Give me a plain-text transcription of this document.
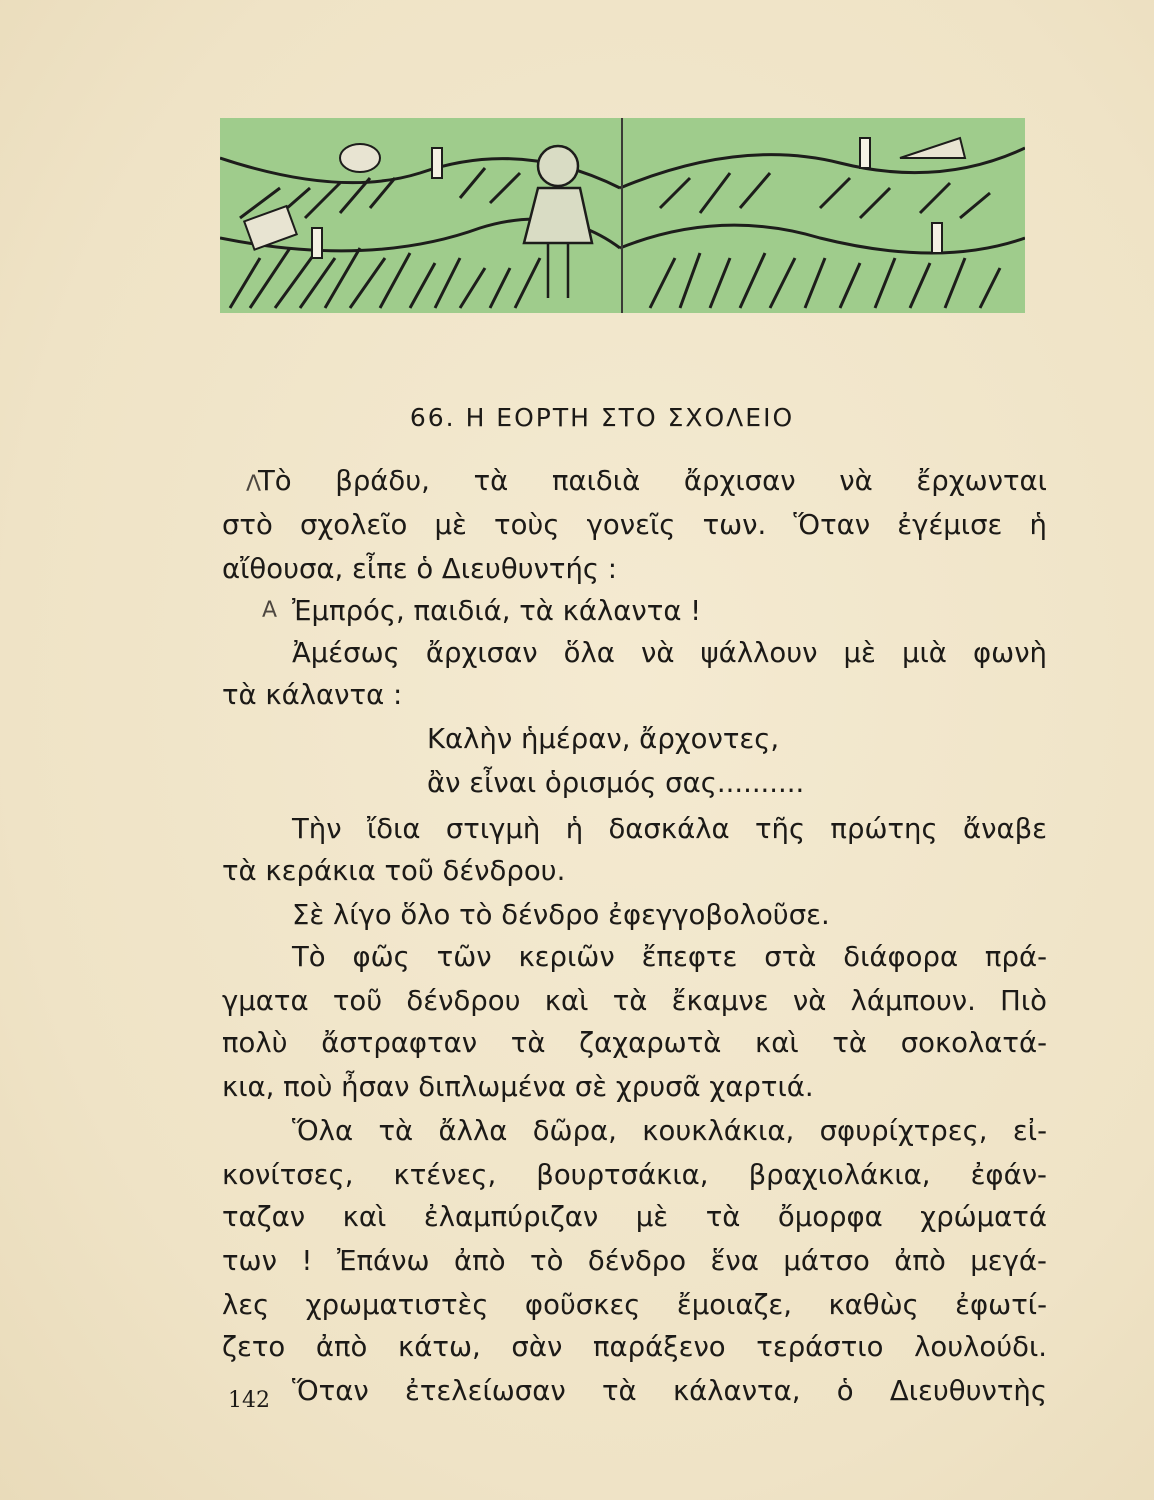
66. Η ΕΟΡΤΗ ΣΤΟ ΣΧΟΛΕΙΟ
Λ
Τὸ βράδυ, τὰ παιδιὰ ἄρχισαν νὰ ἔρχωνται
στὸ σχολεῖο μὲ τοὺς γονεῖς των. Ὅταν ἐγέμισε ἡ
αἴθουσα, εἶπε ὁ Διευθυντής :
Ἐμπρός, παιδιά, τὰ κάλαντα !
Α
Ἀμέσως ἄρχισαν ὅλα νὰ ψάλλουν μὲ μιὰ φωνὴ
τὰ κάλαντα :
Καλὴν ἡμέραν, ἄρχοντες,
ἂν εἶναι ὁρισμός σας..........
Τὴν ἴδια στιγμὴ ἡ δασκάλα τῆς πρώτης ἄναβε
τὰ κεράκια τοῦ δένδρου.
Σὲ λίγο ὅλο τὸ δένδρο ἐφεγγοβολοῦσε.
Τὸ φῶς τῶν κεριῶν ἔπεφτε στὰ διάφορα πρά-
γματα τοῦ δένδρου καὶ τὰ ἔκαμνε νὰ λάμπουν. Πιὸ
πολὺ ἄστραφταν τὰ ζαχαρωτὰ καὶ τὰ σοκολατά-
κια, ποὺ ἦσαν διπλωμένα σὲ χρυσᾶ χαρτιά.
Ὅλα τὰ ἄλλα δῶρα, κουκλάκια, σφυρίχτρες, εἰ-
κονίτσες, κτένες, βουρτσάκια, βραχιολάκια, ἐφάν-
ταζαν καὶ ἐλαμπύριζαν μὲ τὰ ὄμορφα χρώματά
των ! Ἐπάνω ἀπὸ τὸ δένδρο ἕνα μάτσο ἀπὸ μεγά-
λες χρωματιστὲς φοῦσκες ἔμοιαζε, καθὼς ἐφωτί-
ζετο ἀπὸ κάτω, σὰν παράξενο τεράστιο λουλούδι.
Ὅταν ἐτελείωσαν τὰ κάλαντα, ὁ Διευθυντὴς
142
